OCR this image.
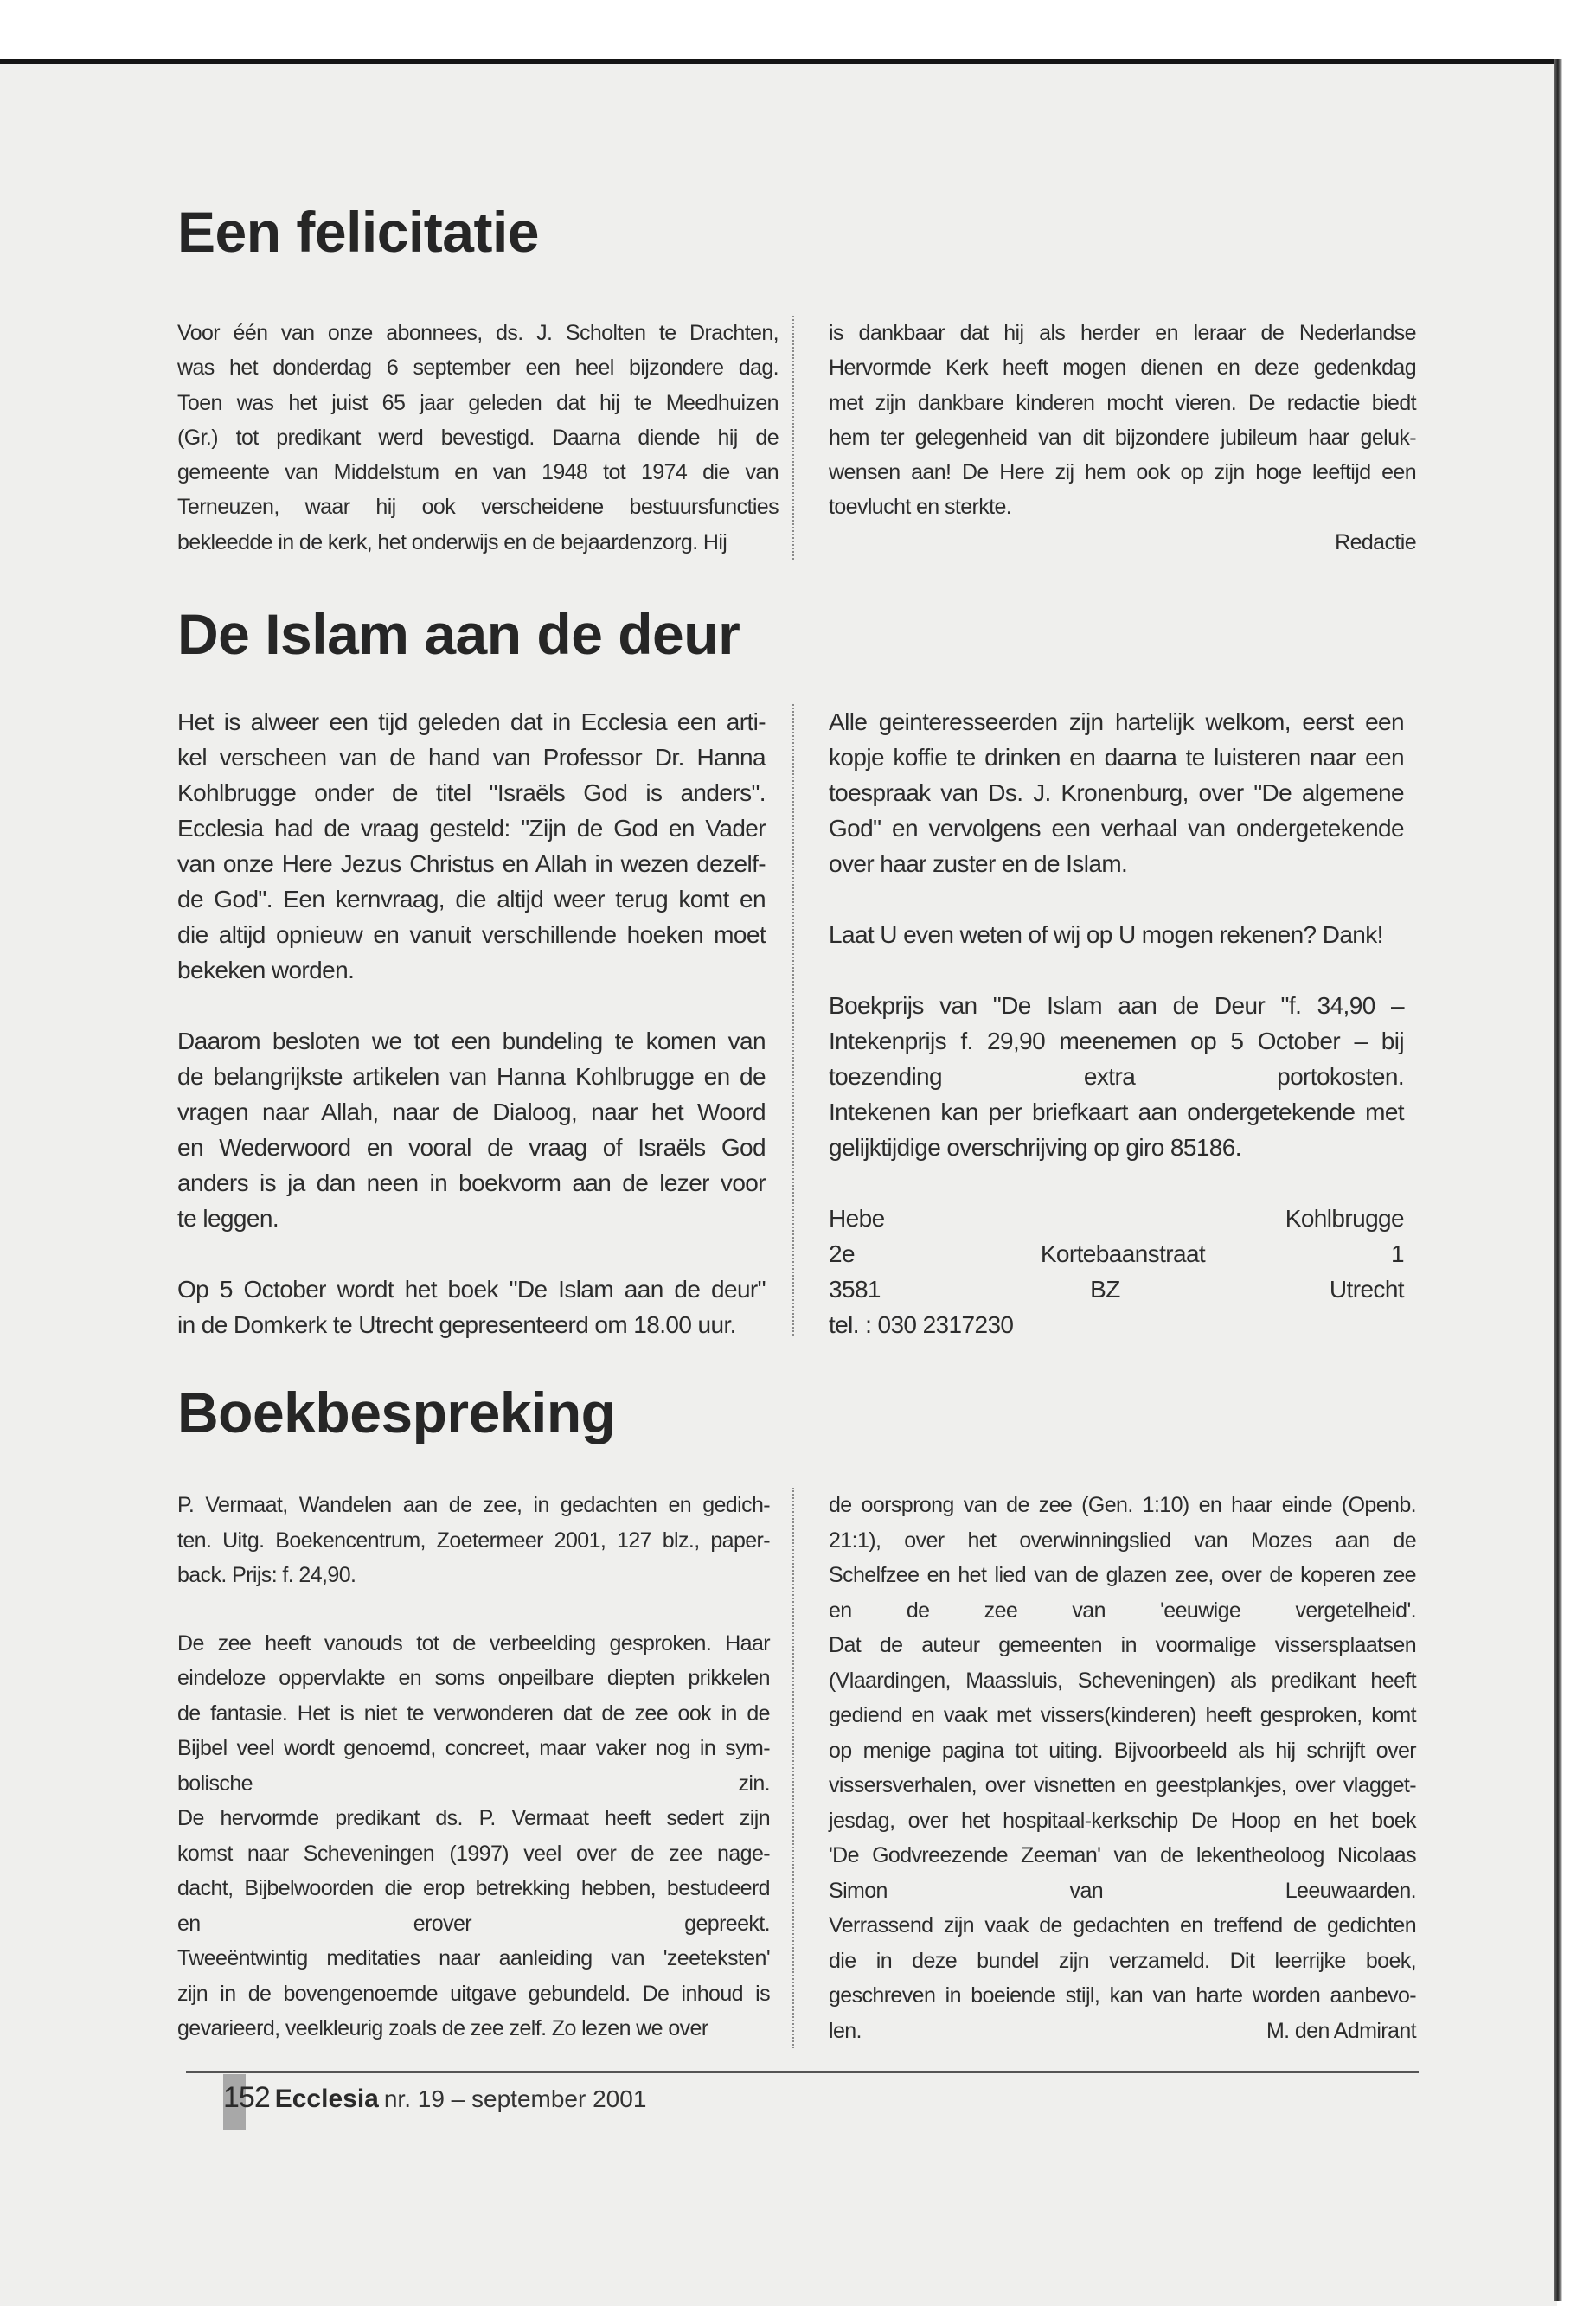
Een felicitatie
Voor één van onze abonnees, ds. J. Scholten te Drachten,
was het donderdag 6 september een heel bijzondere dag.
Toen was het juist 65 jaar geleden dat hij te Meedhuizen
(Gr.) tot predikant werd bevestigd. Daarna diende hij de
gemeente van Middelstum en van 1948 tot 1974 die van
Terneuzen, waar hij ook verscheidene bestuursfuncties
bekleedde in de kerk, het onderwijs en de bejaardenzorg. Hij
is dankbaar dat hij als herder en leraar de Nederlandse
Hervormde Kerk heeft mogen dienen en deze gedenkdag
met zijn dankbare kinderen mocht vieren. De redactie biedt
hem ter gelegenheid van dit bijzondere jubileum haar geluk-
wensen aan! De Here zij hem ook op zijn hoge leeftijd een
toevlucht en sterkte.
Redactie
De Islam aan de deur
Het is alweer een tijd geleden dat in Ecclesia een arti-
kel verscheen van de hand van Professor Dr. Hanna
Kohlbrugge onder de titel "Israëls God is anders".
Ecclesia had de vraag gesteld: "Zijn de God en Vader
van onze Here Jezus Christus en Allah in wezen dezelf-
de God". Een kernvraag, die altijd weer terug komt en
die altijd opnieuw en vanuit verschillende hoeken moet
bekeken worden.
Daarom besloten we tot een bundeling te komen van
de belangrijkste artikelen van Hanna Kohlbrugge en de
vragen naar Allah, naar de Dialoog, naar het Woord
en Wederwoord en vooral de vraag of Israëls God
anders is ja dan neen in boekvorm aan de lezer voor
te leggen.
Op 5 October wordt het boek "De Islam aan de deur"
in de Domkerk te Utrecht gepresenteerd om 18.00 uur.
Alle geinteresseerden zijn hartelijk welkom, eerst een
kopje koffie te drinken en daarna te luisteren naar een
toespraak van Ds. J. Kronenburg, over "De algemene
God" en vervolgens een verhaal van ondergetekende
over haar zuster en de Islam.
Laat U even weten of wij op U mogen rekenen? Dank!
Boekprijs van "De Islam aan de Deur "f. 34,90 –
Intekenprijs f. 29,90 meenemen op 5 October – bij
toezending extra portokosten.
Intekenen kan per briefkaart aan ondergetekende met
gelijktijdige overschrijving op giro 85186.
Hebe Kohlbrugge
2e Kortebaanstraat 1
3581 BZ Utrecht
tel. : 030 2317230
Boekbespreking
P. Vermaat, Wandelen aan de zee, in gedachten en gedich-
ten. Uitg. Boekencentrum, Zoetermeer 2001, 127 blz., paper-
back. Prijs: f. 24,90.
De zee heeft vanouds tot de verbeelding gesproken. Haar
eindeloze oppervlakte en soms onpeilbare diepten prikkelen
de fantasie. Het is niet te verwonderen dat de zee ook in de
Bijbel veel wordt genoemd, concreet, maar vaker nog in sym-
bolische zin.
De hervormde predikant ds. P. Vermaat heeft sedert zijn
komst naar Scheveningen (1997) veel over de zee nage-
dacht, Bijbelwoorden die erop betrekking hebben, bestudeerd
en erover gepreekt.
Tweeëntwintig meditaties naar aanleiding van 'zeeteksten'
zijn in de bovengenoemde uitgave gebundeld. De inhoud is
gevarieerd, veelkleurig zoals de zee zelf. Zo lezen we over
de oorsprong van de zee (Gen. 1:10) en haar einde (Openb.
21:1), over het overwinningslied van Mozes aan de
Schelfzee en het lied van de glazen zee, over de koperen zee
en de zee van 'eeuwige vergetelheid'.
Dat de auteur gemeenten in voormalige vissersplaatsen
(Vlaardingen, Maassluis, Scheveningen) als predikant heeft
gediend en vaak met vissers(kinderen) heeft gesproken, komt
op menige pagina tot uiting. Bijvoorbeeld als hij schrijft over
vissersverhalen, over visnetten en geestplankjes, over vlagget-
jesdag, over het hospitaal-kerkschip De Hoop en het boek
'De Godvreezende Zeeman' van de lekentheoloog Nicolaas
Simon van Leeuwaarden.
Verrassend zijn vaak de gedachten en treffend de gedichten
die in deze bundel zijn verzameld. Dit leerrijke boek,
geschreven in boeiende stijl, kan van harte worden aanbevo-
len.	M. den Admirant
152 Ecclesia nr. 19 – september 2001
